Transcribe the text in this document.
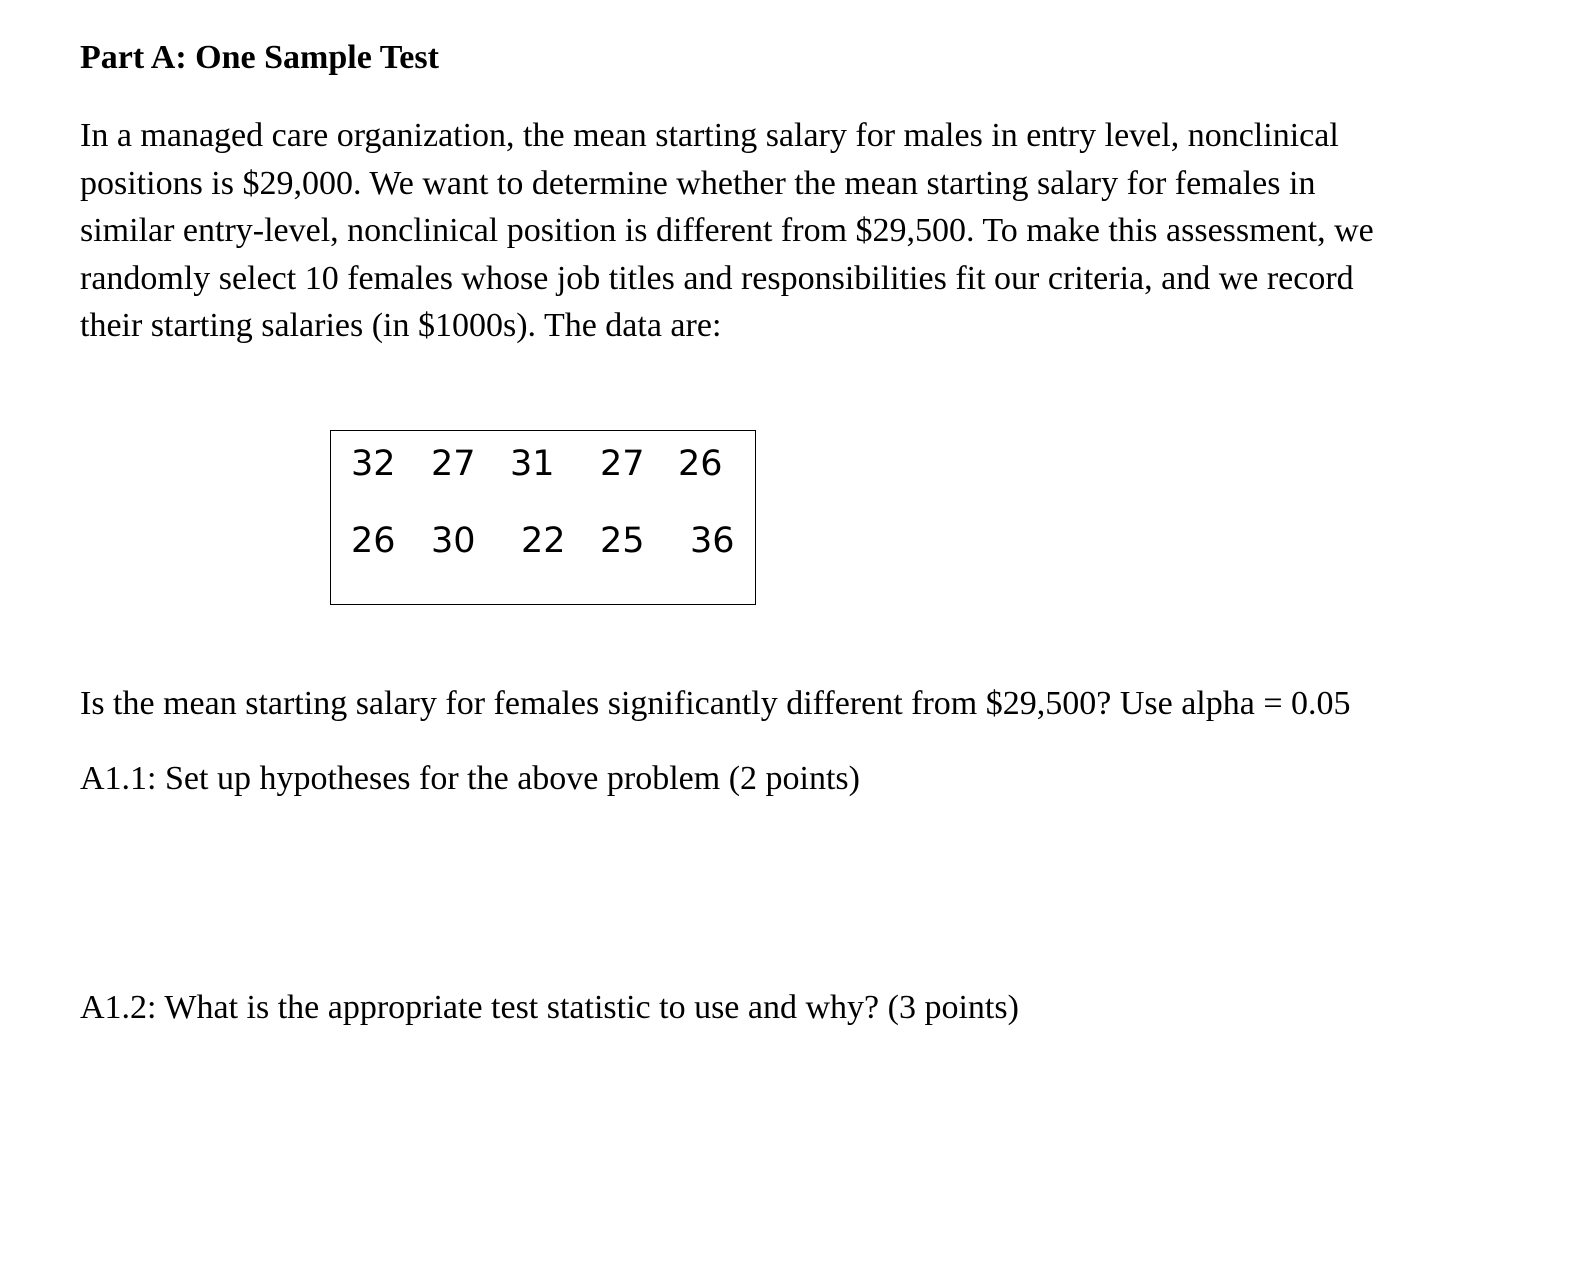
Part A: One Sample Test

In a managed care organization, the mean starting salary for males in entry level, nonclinical
positions is $29,000. We want to determine whether the mean starting salary for females in
similar entry-level, nonclinical position is different from $29,500. To make this assessment, we
randomly select 10 females whose job titles and responsibilities fit our criteria, and we record
their starting salaries (in $1000s). The data are:

32 27 31 27 26
26 30 22 25 36

Is the mean starting salary for females significantly different from $29,500? Use alpha = 0.05

A1.1: Set up hypotheses for the above problem (2 points)

A1.2: What is the appropriate test statistic to use and why? (3 points)
